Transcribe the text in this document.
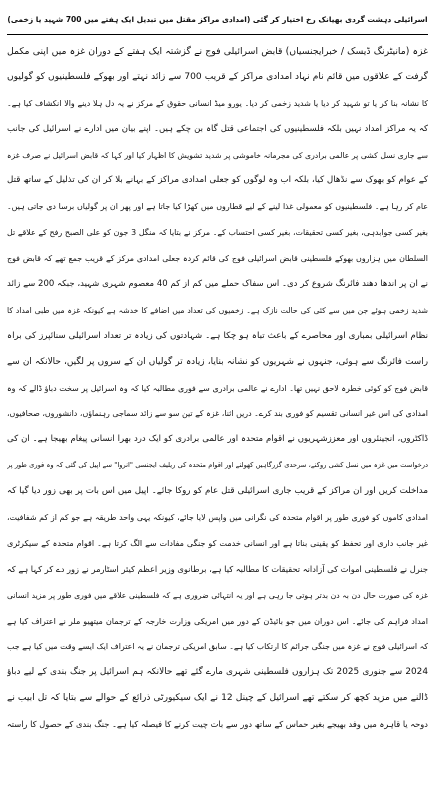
اسرائیلی دہشت گردی بھیانک رخ اختیار کر گئی (امدادی مراکز مقتل میں تبدیل ایک ہفتے میں 700 شہید یا زخمی)
غزہ (مانیٹرنگ ڈیسک / خبرایجنسیاں) قابض اسرائیلی فوج نے گزشتہ ایک ہفتے کے دوران غزہ میں اپنی مکمل
گرفت کے علاقوں میں قائم نام نہاد امدادی مراکز کے قریب 700 سے زائد نہتے اور بھوکے فلسطینیوں کو گولیوں
کا نشانہ بنا کر یا تو شہید کر دیا یا شدید زخمی کر دیا۔ یورو میڈ انسانی حقوق کے مرکز نے یہ دل ہلا دینے والا انکشاف کیا ہے۔
کہ یہ مراکز امداد نہیں بلکہ فلسطینیوں کی اجتماعی قتل گاہ بن چکے ہیں۔ اپنے بیان میں ادارے نے اسرائیل کی جانب
سے جاری نسل کشی پر عالمی برادری کی مجرمانہ خاموشی پر شدید تشویش کا اظہار کیا اور کہا کہ قابض اسرائیل نے صرف غزہ
کے عوام کو بھوک سے نڈھال کیا، بلکہ اب وہ لوگوں کو جعلی امدادی مراکز کے بہانے بلا کر ان کی تذلیل کے ساتھ قتل
عام کر رہا ہے۔ فلسطینیوں کو معمولی غذا لینے کے لیے قطاروں میں کھڑا کیا جاتا ہے اور پھر ان پر گولیاں برسا دی جاتی ہیں۔
بغیر کسی جوابدہی، بغیر کسی تحقیقات، بغیر کسی احتساب کے۔ مرکز نے بتایا کہ منگل 3 جون کو علی الصبح رفح کے علاقے تل
السلطان میں ہزاروں بھوکے فلسطینی قابض اسرائیلی فوج کی قائم کردہ جعلی امدادی مرکز کے قریب جمع تھے کہ قابض فوج
نے ان پر اندھا دھند فائرنگ شروع کر دی۔ اس سفاک حملے میں کم از کم 40 معصوم شہری شہید، جبکہ 200 سے زائد
شدید زخمی ہوئے جن میں سے کئی کی حالت نازک ہے۔ زخمیوں کی تعداد میں اضافے کا خدشہ ہے کیونکہ غزہ میں طبی امداد کا
نظام اسرائیلی بمباری اور محاصرے کے باعث تباہ ہو چکا ہے۔ شہادتوں کی زیادہ تر تعداد اسرائیلی سنائپرز کی براہ
راست فائرنگ سے ہوئی، جنہوں نے شہریوں کو نشانہ بنایا، زیادہ تر گولیاں ان کے سروں پر لگیں، حالانکہ ان سے
قابض فوج کو کوئی خطرہ لاحق نہیں تھا۔ ادارے نے عالمی برادری سے فوری مطالبہ کیا کہ وہ اسرائیل پر سخت دباؤ ڈالے کہ وہ
امدادی کی اس غیر انسانی تقسیم کو فوری بند کرے۔ دریں اثنا، غزہ کے تین سو سے زائد سماجی رہنماؤں، دانشوروں، صحافیوں،
ڈاکٹروں، انجینئروں اور معززشہریوں نے اقوام متحدہ اور عالمی برادری کو ایک درد بھرا انسانی پیغام بھیجا ہے۔ ان کی
درخواست میں غزہ میں نسل کشی روکنے، سرحدی گزرگاہیں کھولنے اور اقوام متحدہ کی ریلیف ایجنسی "انروا" سے اپیل کی گئی کہ وہ فوری طور پر
مداخلت کریں اور ان مراکز کے قریب جاری اسرائیلی قتل عام کو روکا جائے۔ اپیل میں اس بات پر بھی زور دیا گیا کہ
امدادی کاموں کو فوری طور پر اقوام متحدہ کی نگرانی میں واپس لایا جائے، کیونکہ یہی واحد طریقہ ہے جو کم از کم شفافیت،
غیر جانب داری اور تحفظ کو یقینی بناتا ہے اور انسانی خدمت کو جنگی مفادات سے الگ کرتا ہے۔ اقوام متحدہ کے سیکرٹری
جنرل نے فلسطینی اموات کی آزادانہ تحقیقات کا مطالبہ کیا ہے، برطانوی وزیر اعظم کیئر اسٹارمر نے زور دے کر کہا ہے کہ
غزہ کی صورت حال دن بہ دن بدتر ہوتی جا رہی ہے اور یہ انتہائی ضروری ہے کہ فلسطینی علاقے میں فوری طور پر مزید انسانی
امداد فراہم کی جائے۔ اس دوران میں جو بائیڈن کے دور میں امریکی وزارت خارجہ کے ترجمان میتھیو ملر نے اعتراف کیا ہے
کہ اسرائیلی فوج نے غزہ میں جنگی جرائم کا ارتکاب کیا ہے۔ سابق امریکی ترجمان نے یہ اعتراف ایک ایسے وقت میں کیا ہے جب
2024 سے جنوری 2025 تک ہزاروں فلسطینی شہری مارے گئے تھے حالانکہ ہم اسرائیل پر جنگ بندی کے لیے دباؤ
ڈالنے میں مزید کچھ کر سکتے تھے اسرائیل کے چینل 12 نے ایک سیکیورٹی ذرائع کے حوالے سے بتایا کہ تل ابیب نے
دوحہ یا قاہرہ میں وفد بھیجے بغیر حماس کے ساتھ دور سے بات چیت کرنے کا فیصلہ کیا ہے۔ جنگ بندی کے حصول کا راستہ
